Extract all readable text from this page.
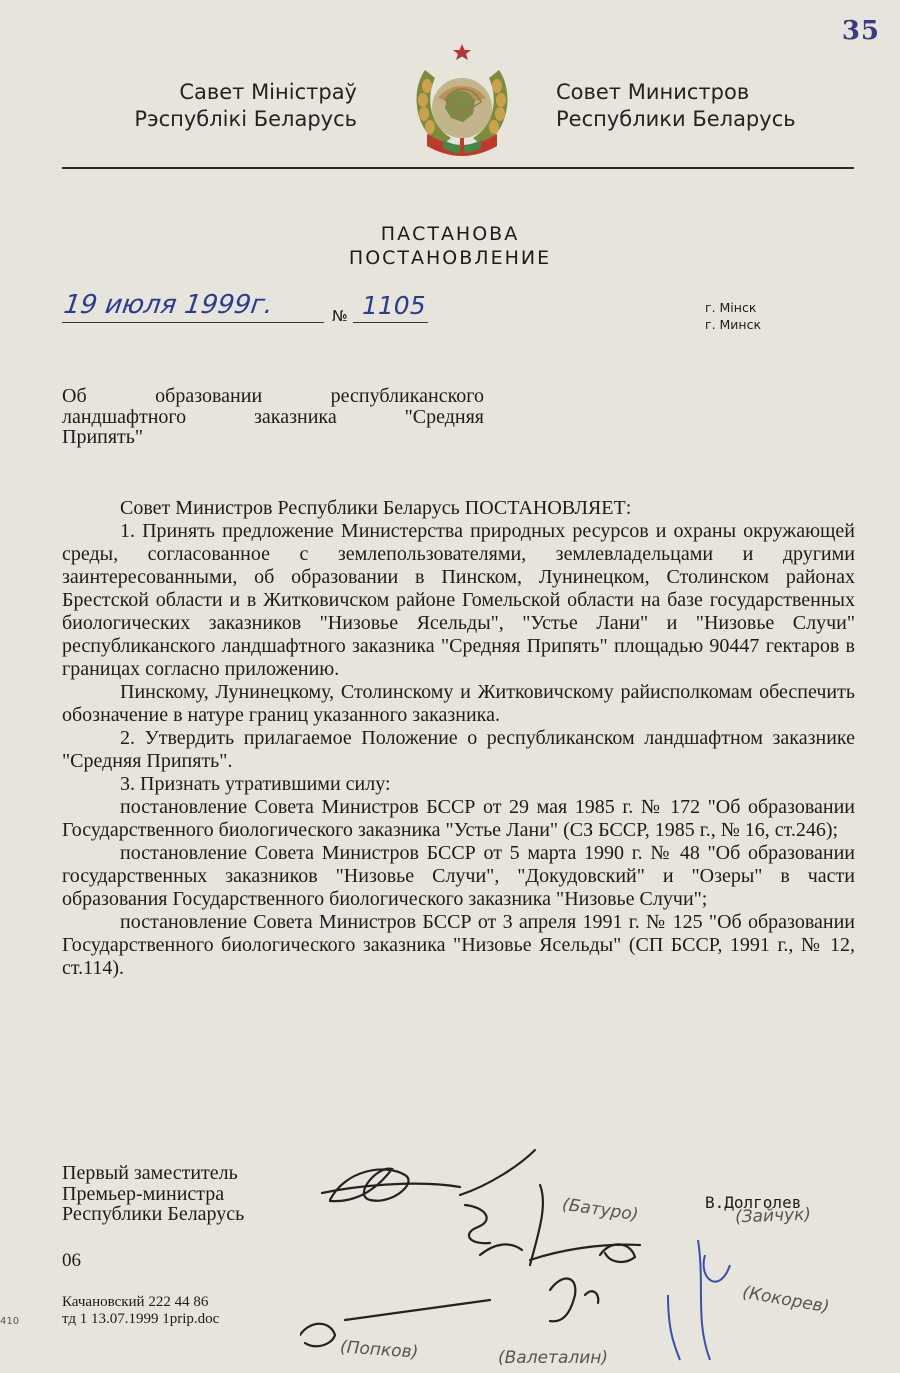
35
Савет Міністраў
Рэспублікі Беларусь
Совет Министров
Республики Беларусь
ПАСТАНОВА
ПОСТАНОВЛЕНИЕ
19 июля 1999г.	№ 1105	г. Мінск
г. Минск
Об образовании республиканского
ландшафтного заказника "Средняя
Припять"

Совет Министров Республики Беларусь ПОСТАНОВЛЯЕТ:

1. Принять предложение Министерства природных ресурсов и охраны окружающей среды, согласованное с землепользователями, землевладельцами и другими заинтересованными, об образовании в Пинском, Лунинецком, Столинском районах Брестской области и в Житковичском районе Гомельской области на базе государственных биологических заказников "Низовье Ясельды", "Устье Лани" и "Низовье Случи" республиканского ландшафтного заказника "Средняя Припять" площадью 90447 гектаров в границах согласно приложению.

Пинскому, Лунинецкому, Столинскому и Житковичскому райисполкомам обеспечить обозначение в натуре границ указанного заказника.

2. Утвердить прилагаемое Положение о республиканском ландшафтном заказнике "Средняя Припять".

3. Признать утратившими силу:

постановление Совета Министров БССР от 29 мая 1985 г. № 172 "Об образовании Государственного биологического заказника "Устье Лани" (СЗ БССР, 1985 г., № 16, ст.246);

постановление Совета Министров БССР от 5 марта 1990 г. № 48 "Об образовании государственных заказников "Низовье Случи", "Докудовский" и "Озеры" в части образования Государственного биологического заказника "Низовье Случи";

постановление Совета Министров БССР от 3 апреля 1991 г. № 125 "Об образовании Государственного биологического заказника "Низовье Ясельды" (СП БССР, 1991 г., № 12, ст.114).

Первый заместитель
Премьер-министра
Республики Беларусь
В.Долголев
(Батуро)	(Зайчук)
(Кокорев)
(Попков)	(Валеталин)
06
Качановский 222 44 86
тд 1 13.07.1999 1prip.doc
410
